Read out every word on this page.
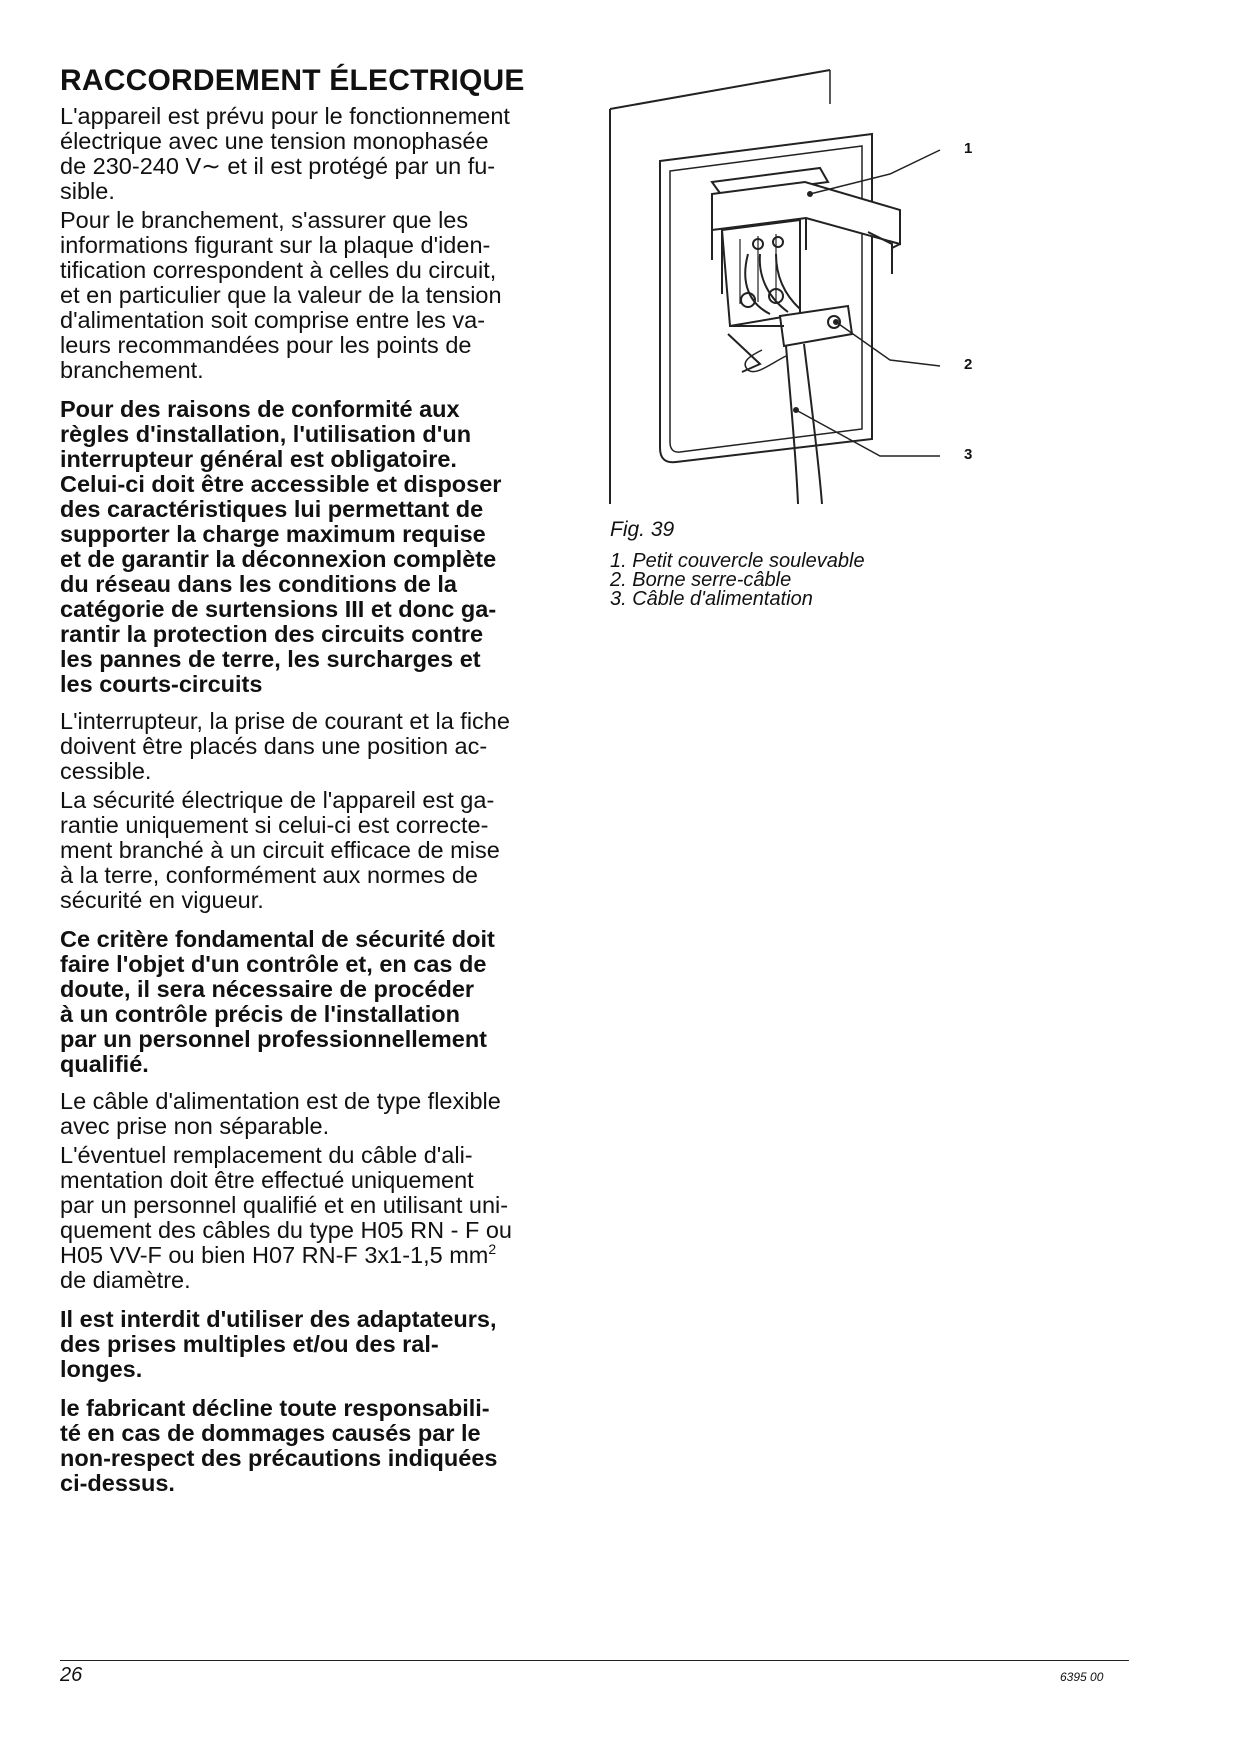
RACCORDEMENT ÉLECTRIQUE

L'appareil est prévu pour le fonctionnement
électrique avec une tension monophasée
de 230-240 V∼ et il est protégé par un fu-
sible.

Pour le branchement, s'assurer que les
informations figurant sur la plaque d'iden-
tification correspondent à celles du circuit,
et en particulier que la valeur de la tension
d'alimentation soit comprise entre les va-
leurs recommandées pour les points de
branchement.

Pour des raisons de conformité aux
règles d'installation, l'utilisation d'un
interrupteur général est obligatoire.
Celui-ci doit être accessible et disposer
des caractéristiques lui permettant de
supporter la charge maximum requise
et de garantir la déconnexion complète
du réseau dans les conditions de la
catégorie de surtensions III et donc ga-
rantir la protection des circuits contre
les pannes de terre, les surcharges et
les courts-circuits

L'interrupteur, la prise de courant et la fiche
doivent être placés dans une position ac-
cessible.

La sécurité électrique de l'appareil est ga-
rantie uniquement si celui-ci est correcte-
ment branché à un circuit efficace de mise
à la terre, conformément aux normes de
sécurité en vigueur.

Ce critère fondamental de sécurité doit
faire l'objet d'un contrôle et, en cas de
doute, il sera nécessaire de procéder
à un contrôle précis de l'installation
par un personnel professionnellement
qualifié.

Le câble d'alimentation est de type flexible
avec prise non séparable.

L'éventuel remplacement du câble d'ali-
mentation doit être effectué uniquement
par un personnel qualifié et en utilisant uni-
quement des câbles du type H05 RN - F ou
H05 VV-F ou bien H07 RN-F 3x1-1,5 $mm^2$
de diamètre.

Il est interdit d'utiliser des adaptateurs,
des prises multiples et/ou des ral-
longes.

le fabricant décline toute responsabili-
té en cas de dommages causés par le
non-respect des précautions indiquées
ci-dessus.

1
2
3

Fig. 39

1. Petit couvercle soulevable

2. Borne serre-câble

3. Câble d'alimentation

26	6395 00
